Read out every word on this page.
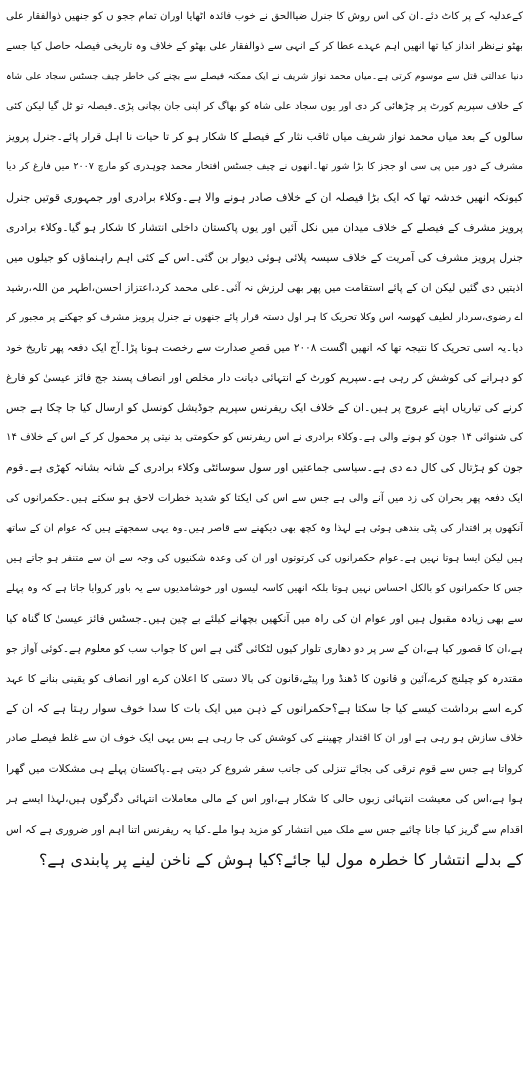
کےعدلیہ کے پر کاٹ دئے۔ان کی اس روش کا جنرل ضیاالحق نے خوب فائدہ اٹھایا اوران تمام ججو ں کو جنھیں ذوالفقار علی
بھٹو نےنظر انداز کیا تھا انھیں اہم عہدے عطا کر کے انہی سے ذوالفقار علی بھٹو کے خلاف وہ تاریخی فیصلہ حاصل کیا جسے
دنیا عدالتی قتل سے موسوم کرتی ہے۔میاں محمد نواز شریف نے ایک ممکنہ فیصلے سے بچنے کی خاطر چیف جسٹس سجاد علی شاہ
کے خلاف سپریم کورٹ پر چڑھائی کر دی اور یوں سجاد علی شاہ کو بھاگ کر اپنی جان بچانی پڑی۔فیصلہ تو ٹل گیا لیکن کئی
سالوں کے بعد میاں محمد نواز شریف میاں ثاقب نثار کے فیصلے کا شکار ہو کر تا حیات نا اہل قرار پائے۔جنرل پرویز
مشرف کے دور میں پی سی او ججز کا بڑا شور تھا۔انھوں نے چیف جسٹس افتخار محمد چوہدری کو مارچ ۲۰۰۷ میں فارغ کر دیا
کیونکہ انھیں خدشہ تھا کہ ایک بڑا فیصلہ ان کے خلاف صادر ہونے والا ہے۔وکلاء برادری اور جمہوری قوتیں جنرل
پرویز مشرف کے فیصلے کے خلاف میدان میں نکل آئیں اور یوں پاکستان داخلی انتشار کا شکار ہو گیا۔وکلاء برادری
جنرل پرویز مشرف کی آمریت کے خلاف سیسہ پلائی ہوئی دیوار بن گئی۔اس کے کئی اہم راہنماؤں کو جیلوں میں
اذیتیں دی گئیں لیکن ان کے پائے استقامت میں پھر بھی لرزش نہ آئی۔علی محمد کرد،اعتزاز احسن،اطہر من اللہ،رشید
اے رضوی،سردار لطیف کھوسہ اس وکلا تحریک کا ہر اول دستہ قرار پائے جنھوں نے جنرل پرویز مشرف کو جھکنے پر مجبور کر
دیا۔یہ اسی تحریک کا نتیجہ تھا کہ انھیں اگست ۲۰۰۸ میں قصرِ صدارت سے رخصت ہونا پڑا۔آج ایک دفعہ پھر تاریخ خود
کو دہرانے کی کوشش کر رہی ہے۔سپریم کورٹ کے انتہائی دیانت دار مخلص اور انصاف پسند جج فائز عیسیٰ کو فارغ
کرنے کی تیاریاں اپنے عروج پر ہیں۔ان کے خلاف ایک ریفرنس سپریم جوڈیشل کونسل کو ارسال کیا جا چکا ہے جس
کی شنوائی ۱۴ جون کو ہونے والی ہے۔وکلاء برادری نے اس ریفرنس کو حکومتی بد نیتی پر محمول کر کے اس کے خلاف ۱۴
جون کو ہڑتال کی کال دے دی ہے۔سیاسی جماعتیں اور سول سوسائٹی وکلاء برادری کے شانہ بشانہ کھڑی ہے۔قوم
ایک دفعہ پھر بحران کی زد میں آنے والی ہے جس سے اس کی ایکتا کو شدید خطرات لاحق ہو سکتے ہیں۔حکمرانوں کی
آنکھوں پر اقتدار کی پٹی بندھی ہوئی ہے لہذا وہ کچھ بھی دیکھنے سے قاصر ہیں۔وہ یہی سمجھتے ہیں کہ عوام ان کے ساتھ
ہیں لیکن ایسا ہوتا نہیں ہے۔عوام حکمرانوں کی کرتوتوں اور ان کی وعدہ شکنیوں کی وجہ سے ان سے متنفر ہو جاتے ہیں
جس کا حکمرانوں کو بالکل احساس نہیں ہوتا بلکہ انھیں کاسہ لیسوں اور خوشامدیوں سے یہ باور کروایا جاتا ہے کہ وہ پہلے
سے بھی زیادہ مقبول ہیں اور عوام ان کی راہ میں آنکھیں بچھانے کیلئے بے چین ہیں۔جسٹس فائز عیسیٰ کا گناہ کیا
ہے،ان کا قصور کیا ہے،ان کے سر پر دو دھاری تلوار کیوں لٹکائی گئی ہے اس کا جواب سب کو معلوم ہے۔کوئی آواز جو
مقتدرہ کو چیلنج کرے،آئین و قانون کا ڈھنڈ ورا پیٹے،قانون کی بالا دستی کا اعلان کرے اور انصاف کو یقینی بنانے کا عہد
کرے اسے برداشت کیسے کیا جا سکتا ہے؟حکمرانوں کے ذہن میں ایک بات کا سدا خوف سوار رہتا ہے کہ ان کے
خلاف سازش ہو رہی ہے اور ان کا اقتدار چھیننے کی کوشش کی جا رہی ہے بس یہی ایک خوف ان سے غلط فیصلے صادر
کرواتا ہے جس سے قوم ترقی کی بجائے تنزلی کی جانب سفر شروع کر دیتی ہے۔پاکستان پہلے ہی مشکلات میں گھرا
ہوا ہے،اس کی معیشت انتہائی زبوں حالی کا شکار ہے،اور اس کے مالی معاملات انتہائی دگرگوں ہیں،لہذا ایسے ہر
اقدام سے گریز کیا جانا چائیے جس سے ملک میں انتشار کو مزید ہوا ملے۔کیا یہ ریفرنس اتنا اہم اور ضروری ہے کہ اس
کے بدلے انتشار کا خطرہ مول لیا جائے؟کیا ہوش کے ناخن لینے پر پابندی ہے؟
